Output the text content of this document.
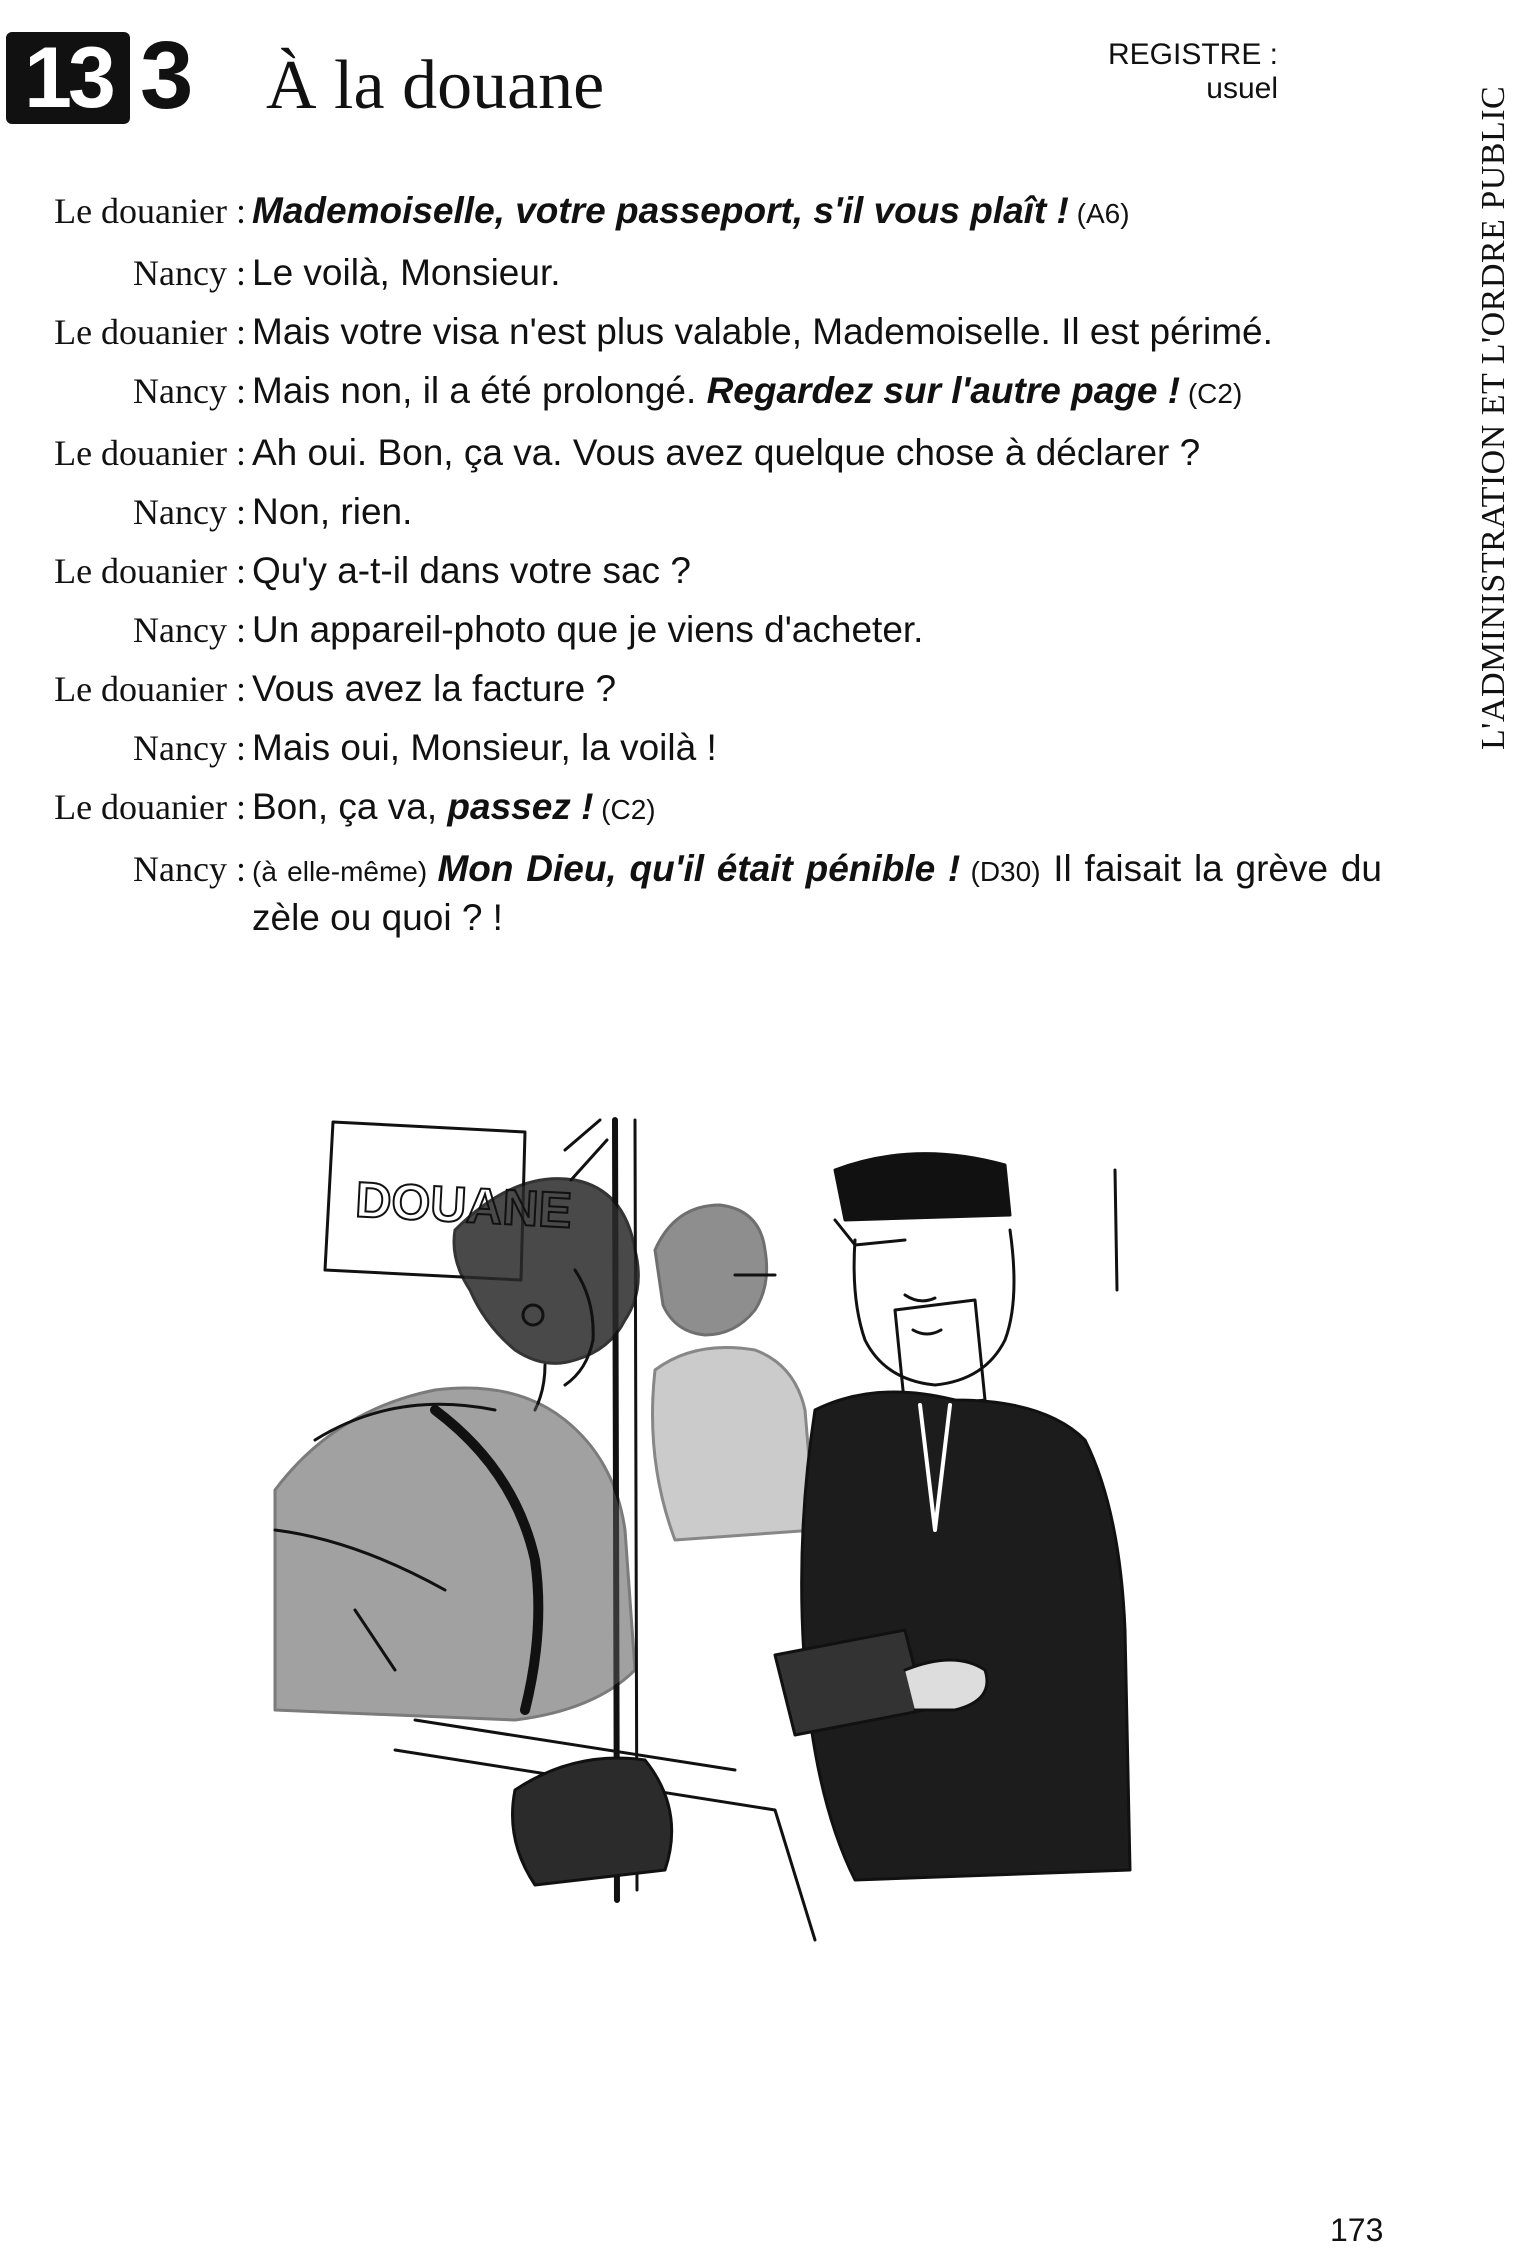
13 3 À la douane	REGISTRE :
usuel	L'ADMINISTRATION ET L'ORDRE PUBLIC
Le douanier : Mademoiselle, votre passeport, s'il vous plaît ! (A6)
Nancy : Le voilà, Monsieur.
Le douanier : Mais votre visa n'est plus valable, Mademoiselle. Il est périmé.
Nancy : Mais non, il a été prolongé. Regardez sur l'autre page ! (C2)
Le douanier : Ah oui. Bon, ça va. Vous avez quelque chose à déclarer ?
Nancy : Non, rien.
Le douanier : Qu'y a-t-il dans votre sac ?
Nancy : Un appareil-photo que je viens d'acheter.
Le douanier : Vous avez la facture ?
Nancy : Mais oui, Monsieur, la voilà !
Le douanier : Bon, ça va, passez ! (C2)
Nancy : (à elle-même) Mon Dieu, qu'il était pénible ! (D30) Il faisait la grève du zèle ou quoi ? !
DOUANE
173
